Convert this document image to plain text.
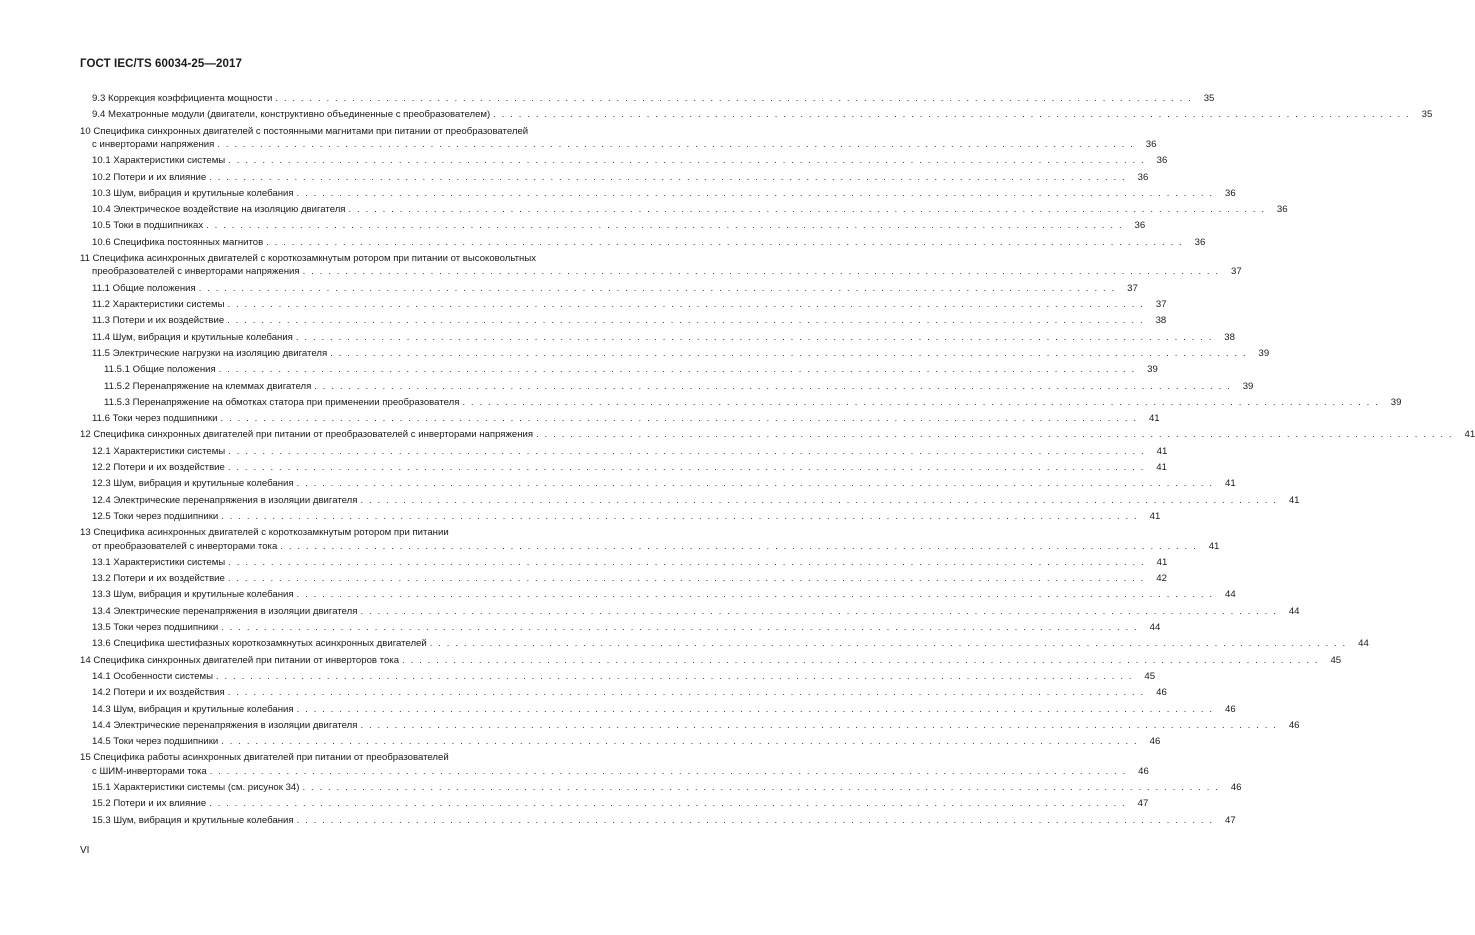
ГОСТ IEC/TS 60034-25—2017
9.3 Коррекция коэффициента мощности . . . . . . . . . . . . . . . . . . . . . . . . . . . . . . . . . . . . . . . . . . . . . . . . . . . . . . . . . . . . . . . . . . . . . . . . . . . . . . . . . . . . . . . . . . . . . . . . . . . . . . . . . . . .	35
9.4 Мехатронные модули (двигатели, конструктивно объединенные с преобразователем) . . . . . . . . . . . . . . . . . . . . . . . . . . . . . . . . . . . . . . . . . . . . . . . . . . . . . . . . . . . . . . . . . . . . . . . . . . . . . . . . . . . . . . . . . . . . . . . . . . . . . . . . . . . .	35
10 Специфика синхронных двигателей с постоянными магнитами при питании от преобразователей
с инверторами напряжения . . . . . . . . . . . . . . . . . . . . . . . . . . . . . . . . . . . . . . . . . . . . . . . . . . . . . . . . . . . . . . . . . . . . . . . . . . . . . . . . . . . . . . . . . . . . . . . . . . . . . . . . . . . .	36
10.1 Характеристики системы . . . . . . . . . . . . . . . . . . . . . . . . . . . . . . . . . . . . . . . . . . . . . . . . . . . . . . . . . . . . . . . . . . . . . . . . . . . . . . . . . . . . . . . . . . . . . . . . . . . . . . . . . . . .	36
10.2 Потери и их влияние . . . . . . . . . . . . . . . . . . . . . . . . . . . . . . . . . . . . . . . . . . . . . . . . . . . . . . . . . . . . . . . . . . . . . . . . . . . . . . . . . . . . . . . . . . . . . . . . . . . . . . . . . . . .	36
10.3 Шум, вибрация и крутильные колебания . . . . . . . . . . . . . . . . . . . . . . . . . . . . . . . . . . . . . . . . . . . . . . . . . . . . . . . . . . . . . . . . . . . . . . . . . . . . . . . . . . . . . . . . . . . . . . . . . . . . . . . . . . . .	36
10.4 Электрическое воздействие на изоляцию двигателя . . . . . . . . . . . . . . . . . . . . . . . . . . . . . . . . . . . . . . . . . . . . . . . . . . . . . . . . . . . . . . . . . . . . . . . . . . . . . . . . . . . . . . . . . . . . . . . . . . . . . . . . . . . .	36
10.5 Токи в подшипниках . . . . . . . . . . . . . . . . . . . . . . . . . . . . . . . . . . . . . . . . . . . . . . . . . . . . . . . . . . . . . . . . . . . . . . . . . . . . . . . . . . . . . . . . . . . . . . . . . . . . . . . . . . . .	36
10.6 Специфика постоянных магнитов . . . . . . . . . . . . . . . . . . . . . . . . . . . . . . . . . . . . . . . . . . . . . . . . . . . . . . . . . . . . . . . . . . . . . . . . . . . . . . . . . . . . . . . . . . . . . . . . . . . . . . . . . . . .	36
11 Специфика асинхронных двигателей с короткозамкнутым ротором при питании от высоковольтных
преобразователей с инверторами напряжения . . . . . . . . . . . . . . . . . . . . . . . . . . . . . . . . . . . . . . . . . . . . . . . . . . . . . . . . . . . . . . . . . . . . . . . . . . . . . . . . . . . . . . . . . . . . . . . . . . . . . . . . . . . .	37
11.1 Общие положения . . . . . . . . . . . . . . . . . . . . . . . . . . . . . . . . . . . . . . . . . . . . . . . . . . . . . . . . . . . . . . . . . . . . . . . . . . . . . . . . . . . . . . . . . . . . . . . . . . . . . . . . . . . .	37
11.2 Характеристики системы . . . . . . . . . . . . . . . . . . . . . . . . . . . . . . . . . . . . . . . . . . . . . . . . . . . . . . . . . . . . . . . . . . . . . . . . . . . . . . . . . . . . . . . . . . . . . . . . . . . . . . . . . . . .	37
11.3 Потери и их воздействие . . . . . . . . . . . . . . . . . . . . . . . . . . . . . . . . . . . . . . . . . . . . . . . . . . . . . . . . . . . . . . . . . . . . . . . . . . . . . . . . . . . . . . . . . . . . . . . . . . . . . . . . . . . .	38
11.4 Шум, вибрация и крутильные колебания . . . . . . . . . . . . . . . . . . . . . . . . . . . . . . . . . . . . . . . . . . . . . . . . . . . . . . . . . . . . . . . . . . . . . . . . . . . . . . . . . . . . . . . . . . . . . . . . . . . . . . . . . . . .	38
11.5 Электрические нагрузки на изоляцию двигателя . . . . . . . . . . . . . . . . . . . . . . . . . . . . . . . . . . . . . . . . . . . . . . . . . . . . . . . . . . . . . . . . . . . . . . . . . . . . . . . . . . . . . . . . . . . . . . . . . . . . . . . . . . . .	39
11.5.1 Общие положения . . . . . . . . . . . . . . . . . . . . . . . . . . . . . . . . . . . . . . . . . . . . . . . . . . . . . . . . . . . . . . . . . . . . . . . . . . . . . . . . . . . . . . . . . . . . . . . . . . . . . . . . . . . .	39
11.5.2 Перенапряжение на клеммах двигателя . . . . . . . . . . . . . . . . . . . . . . . . . . . . . . . . . . . . . . . . . . . . . . . . . . . . . . . . . . . . . . . . . . . . . . . . . . . . . . . . . . . . . . . . . . . . . . . . . . . . . . . . . . . .	39
11.5.3 Перенапряжение на обмотках статора при применении преобразователя . . . . . . . . . . . . . . . . . . . . . . . . . . . . . . . . . . . . . . . . . . . . . . . . . . . . . . . . . . . . . . . . . . . . . . . . . . . . . . . . . . . . . . . . . . . . . . . . . . . . . . . . . . . .	39
11.6 Токи через подшипники . . . . . . . . . . . . . . . . . . . . . . . . . . . . . . . . . . . . . . . . . . . . . . . . . . . . . . . . . . . . . . . . . . . . . . . . . . . . . . . . . . . . . . . . . . . . . . . . . . . . . . . . . . . .	41
12 Специфика синхронных двигателей при питании от преобразователей с инверторами напряжения . . . . . . . . . . . . . . . . . . . . . . . . . . . . . . . . . . . . . . . . . . . . . . . . . . . . . . . . . . . . . . . . . . . . . . . . . . . . . . . . . . . . . . . . . . . . . . . . . . . . . . . . . . . .	41
12.1 Характеристики системы . . . . . . . . . . . . . . . . . . . . . . . . . . . . . . . . . . . . . . . . . . . . . . . . . . . . . . . . . . . . . . . . . . . . . . . . . . . . . . . . . . . . . . . . . . . . . . . . . . . . . . . . . . . .	41
12.2 Потери и их воздействие . . . . . . . . . . . . . . . . . . . . . . . . . . . . . . . . . . . . . . . . . . . . . . . . . . . . . . . . . . . . . . . . . . . . . . . . . . . . . . . . . . . . . . . . . . . . . . . . . . . . . . . . . . . .	41
12.3 Шум, вибрация и крутильные колебания . . . . . . . . . . . . . . . . . . . . . . . . . . . . . . . . . . . . . . . . . . . . . . . . . . . . . . . . . . . . . . . . . . . . . . . . . . . . . . . . . . . . . . . . . . . . . . . . . . . . . . . . . . . .	41
12.4 Электрические перенапряжения в изоляции двигателя . . . . . . . . . . . . . . . . . . . . . . . . . . . . . . . . . . . . . . . . . . . . . . . . . . . . . . . . . . . . . . . . . . . . . . . . . . . . . . . . . . . . . . . . . . . . . . . . . . . . . . . . . . . .	41
12.5 Токи через подшипники . . . . . . . . . . . . . . . . . . . . . . . . . . . . . . . . . . . . . . . . . . . . . . . . . . . . . . . . . . . . . . . . . . . . . . . . . . . . . . . . . . . . . . . . . . . . . . . . . . . . . . . . . . . .	41
13 Специфика асинхронных двигателей с короткозамкнутым ротором при питании
от преобразователей с инверторами тока . . . . . . . . . . . . . . . . . . . . . . . . . . . . . . . . . . . . . . . . . . . . . . . . . . . . . . . . . . . . . . . . . . . . . . . . . . . . . . . . . . . . . . . . . . . . . . . . . . . . . . . . . . . .	41
13.1 Характеристики системы . . . . . . . . . . . . . . . . . . . . . . . . . . . . . . . . . . . . . . . . . . . . . . . . . . . . . . . . . . . . . . . . . . . . . . . . . . . . . . . . . . . . . . . . . . . . . . . . . . . . . . . . . . . .	41
13.2 Потери и их воздействие . . . . . . . . . . . . . . . . . . . . . . . . . . . . . . . . . . . . . . . . . . . . . . . . . . . . . . . . . . . . . . . . . . . . . . . . . . . . . . . . . . . . . . . . . . . . . . . . . . . . . . . . . . . .	42
13.3 Шум, вибрация и крутильные колебания . . . . . . . . . . . . . . . . . . . . . . . . . . . . . . . . . . . . . . . . . . . . . . . . . . . . . . . . . . . . . . . . . . . . . . . . . . . . . . . . . . . . . . . . . . . . . . . . . . . . . . . . . . . .	44
13.4 Электрические перенапряжения в изоляции двигателя . . . . . . . . . . . . . . . . . . . . . . . . . . . . . . . . . . . . . . . . . . . . . . . . . . . . . . . . . . . . . . . . . . . . . . . . . . . . . . . . . . . . . . . . . . . . . . . . . . . . . . . . . . . .	44
13.5 Токи через подшипники . . . . . . . . . . . . . . . . . . . . . . . . . . . . . . . . . . . . . . . . . . . . . . . . . . . . . . . . . . . . . . . . . . . . . . . . . . . . . . . . . . . . . . . . . . . . . . . . . . . . . . . . . . . .	44
13.6 Специфика шестифазных короткозамкнутых асинхронных двигателей . . . . . . . . . . . . . . . . . . . . . . . . . . . . . . . . . . . . . . . . . . . . . . . . . . . . . . . . . . . . . . . . . . . . . . . . . . . . . . . . . . . . . . . . . . . . . . . . . . . . . . . . . . . .	44
14 Специфика синхронных двигателей при питании от инверторов тока . . . . . . . . . . . . . . . . . . . . . . . . . . . . . . . . . . . . . . . . . . . . . . . . . . . . . . . . . . . . . . . . . . . . . . . . . . . . . . . . . . . . . . . . . . . . . . . . . . . . . . . . . . . .	45
14.1 Особенности системы . . . . . . . . . . . . . . . . . . . . . . . . . . . . . . . . . . . . . . . . . . . . . . . . . . . . . . . . . . . . . . . . . . . . . . . . . . . . . . . . . . . . . . . . . . . . . . . . . . . . . . . . . . . .	45
14.2 Потери и их воздействия . . . . . . . . . . . . . . . . . . . . . . . . . . . . . . . . . . . . . . . . . . . . . . . . . . . . . . . . . . . . . . . . . . . . . . . . . . . . . . . . . . . . . . . . . . . . . . . . . . . . . . . . . . . .	46
14.3 Шум, вибрация и крутильные колебания . . . . . . . . . . . . . . . . . . . . . . . . . . . . . . . . . . . . . . . . . . . . . . . . . . . . . . . . . . . . . . . . . . . . . . . . . . . . . . . . . . . . . . . . . . . . . . . . . . . . . . . . . . . .	46
14.4 Электрические перенапряжения в изоляции двигателя . . . . . . . . . . . . . . . . . . . . . . . . . . . . . . . . . . . . . . . . . . . . . . . . . . . . . . . . . . . . . . . . . . . . . . . . . . . . . . . . . . . . . . . . . . . . . . . . . . . . . . . . . . . .	46
14.5 Токи через подшипники . . . . . . . . . . . . . . . . . . . . . . . . . . . . . . . . . . . . . . . . . . . . . . . . . . . . . . . . . . . . . . . . . . . . . . . . . . . . . . . . . . . . . . . . . . . . . . . . . . . . . . . . . . . .	46
15 Специфика работы асинхронных двигателей при питании от преобразователей
с ШИМ-инверторами тока . . . . . . . . . . . . . . . . . . . . . . . . . . . . . . . . . . . . . . . . . . . . . . . . . . . . . . . . . . . . . . . . . . . . . . . . . . . . . . . . . . . . . . . . . . . . . . . . . . . . . . . . . . . .	46
15.1 Характеристики системы (см. рисунок 34) . . . . . . . . . . . . . . . . . . . . . . . . . . . . . . . . . . . . . . . . . . . . . . . . . . . . . . . . . . . . . . . . . . . . . . . . . . . . . . . . . . . . . . . . . . . . . . . . . . . . . . . . . . . .	46
15.2 Потери и их влияние . . . . . . . . . . . . . . . . . . . . . . . . . . . . . . . . . . . . . . . . . . . . . . . . . . . . . . . . . . . . . . . . . . . . . . . . . . . . . . . . . . . . . . . . . . . . . . . . . . . . . . . . . . . .	47
15.3 Шум, вибрация и крутильные колебания . . . . . . . . . . . . . . . . . . . . . . . . . . . . . . . . . . . . . . . . . . . . . . . . . . . . . . . . . . . . . . . . . . . . . . . . . . . . . . . . . . . . . . . . . . . . . . . . . . . . . . . . . . . .	47
VI
